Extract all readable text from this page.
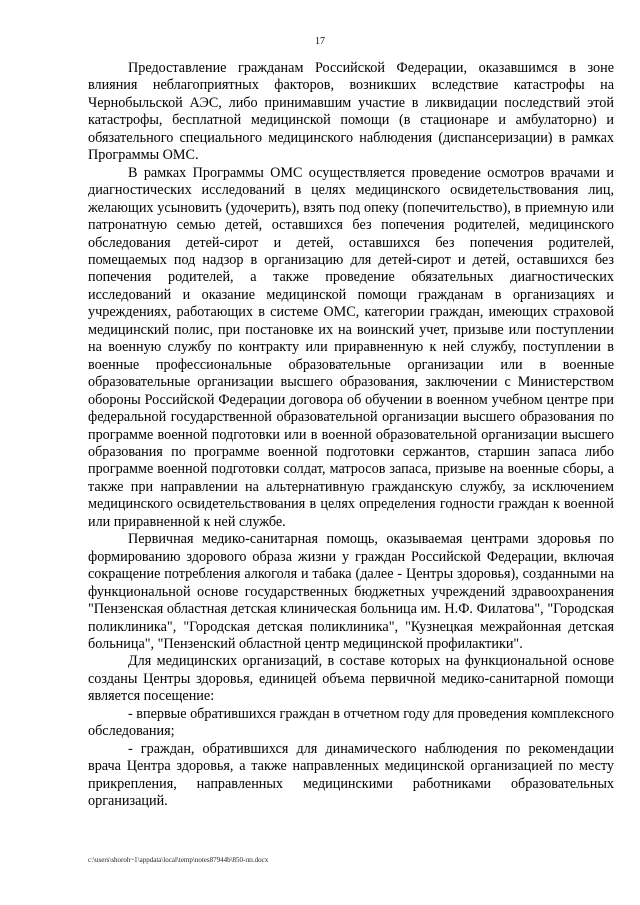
17

Предоставление гражданам Российской Федерации, оказавшимся в зоне влияния неблагоприятных факторов, возникших вследствие катастрофы на Чернобыльской АЭС, либо принимавшим участие в ликвидации последствий этой катастрофы, бесплатной медицинской помощи (в стационаре и амбулаторно) и обязательного специального медицинского наблюдения (диспансеризации) в рамках Программы ОМС.

В рамках Программы ОМС осуществляется проведение осмотров врачами и диагностических исследований в целях медицинского освидетельствования лиц, желающих усыновить (удочерить), взять под опеку (попечительство), в приемную или патронатную семью детей, оставшихся без попечения родителей, медицинского обследования детей-сирот и детей, оставшихся без попечения родителей, помещаемых под надзор в организацию для детей-сирот и детей, оставшихся без попечения родителей, а также проведение обязательных диагностических исследований и оказание медицинской помощи гражданам в организациях и учреждениях, работающих в системе ОМС, категории граждан, имеющих страховой медицинский полис, при постановке их на воинский учет, призыве или поступлении на военную службу по контракту или приравненную к ней службу, поступлении в военные профессиональные образовательные организации или в военные образовательные организации высшего образования, заключении с Министерством обороны Российской Федерации договора об обучении в военном учебном центре при федеральной государственной образовательной организации высшего образования по программе военной подготовки или в военной образовательной организации высшего образования по программе военной подготовки сержантов, старшин запаса либо программе военной подготовки солдат, матросов запаса, призыве на военные сборы, а также при направлении на альтернативную гражданскую службу, за исключением медицинского освидетельствования в целях определения годности граждан к военной или приравненной к ней службе.

Первичная медико-санитарная помощь, оказываемая центрами здоровья по формированию здорового образа жизни у граждан Российской Федерации, включая сокращение потребления алкоголя и табака (далее - Центры здоровья), созданными на функциональной основе государственных бюджетных учреждений здравоохранения "Пензенская областная детская клиническая больница им. Н.Ф. Филатова", "Городская поликлиника", "Городская детская поликлиника", "Кузнецкая межрайонная детская больница", "Пензенский областной центр медицинской профилактики".

Для медицинских организаций, в составе которых на функциональной основе созданы Центры здоровья, единицей объема первичной медико-санитарной помощи является посещение:

- впервые обратившихся граждан в отчетном году для проведения комплексного обследования;

- граждан, обратившихся для динамического наблюдения по рекомендации врача Центра здоровья, а также направленных медицинской организацией по месту прикрепления, направленных медицинскими работниками образовательных организаций.

c:\users\shoroh~1\appdata\local\temp\notes87944b\850-пп.docx
